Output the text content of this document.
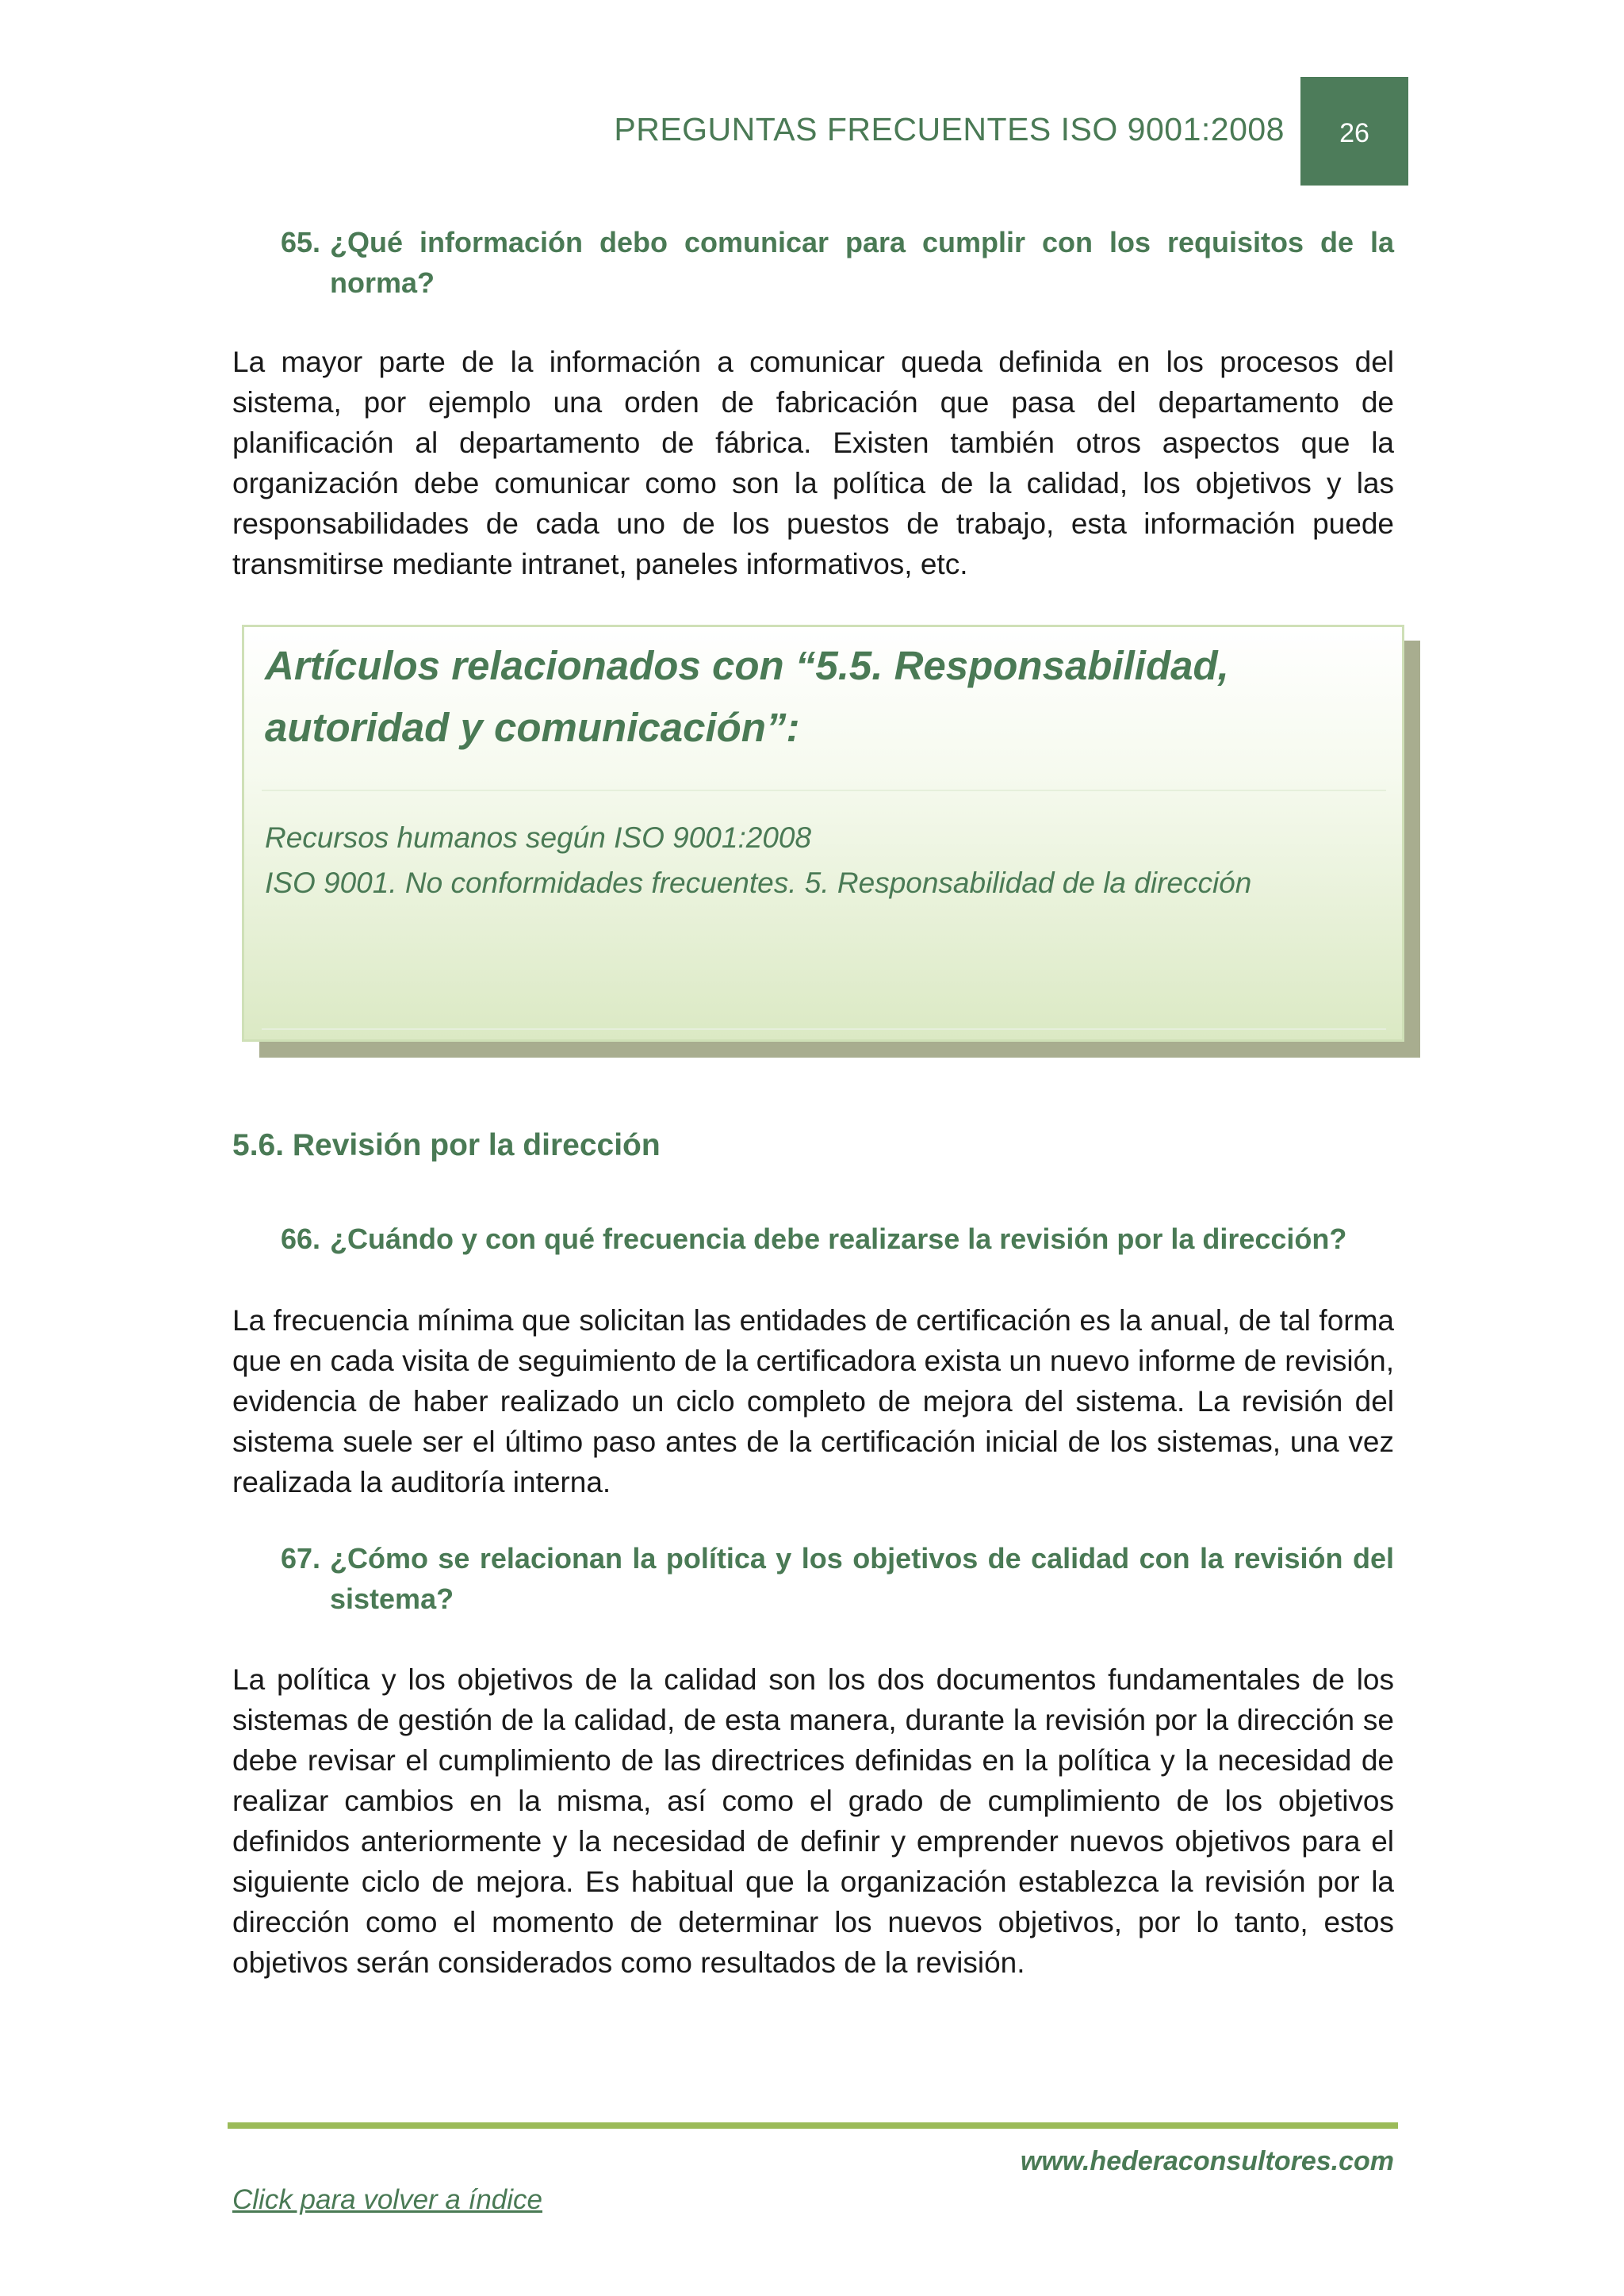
PREGUNTAS FRECUENTES ISO 9001:2008 26
65. ¿Qué información debo comunicar para cumplir con los requisitos de la norma?
La mayor parte de la información a comunicar queda definida en los procesos del sistema, por ejemplo una orden de fabricación que pasa del departamento de planificación al departamento de fábrica. Existen también otros aspectos que la organización debe comunicar como son la política de la calidad, los objetivos y las responsabilidades de cada uno de los puestos de trabajo, esta información puede transmitirse mediante intranet, paneles informativos, etc.
Artículos relacionados con “5.5. Responsabilidad, autoridad y comunicación”:
Recursos humanos según ISO 9001:2008
ISO 9001. No conformidades frecuentes. 5. Responsabilidad de la dirección
5.6. Revisión por la dirección
66. ¿Cuándo y con qué frecuencia debe realizarse la revisión por la dirección?
La frecuencia mínima que solicitan las entidades de certificación es la anual, de tal forma que en cada visita de seguimiento de la certificadora exista un nuevo informe de revisión, evidencia de haber realizado un ciclo completo de mejora del sistema. La revisión del sistema suele ser el último paso antes de la certificación inicial de los sistemas, una vez realizada la auditoría interna.
67. ¿Cómo se relacionan la política y los objetivos de calidad con la revisión del sistema?
La política y los objetivos de la calidad son los dos documentos fundamentales de los sistemas de gestión de la calidad, de esta manera, durante la revisión por la dirección se debe revisar el cumplimiento de las directrices definidas en la política y la necesidad de realizar cambios en la misma, así como el grado de cumplimiento de los objetivos definidos anteriormente y la necesidad de definir y emprender nuevos objetivos para el siguiente ciclo de mejora. Es habitual que la organización establezca la revisión por la dirección como el momento de determinar los nuevos objetivos, por lo tanto, estos objetivos serán considerados como resultados de la revisión.
www.hederaconsultores.com
Click para volver a índice
